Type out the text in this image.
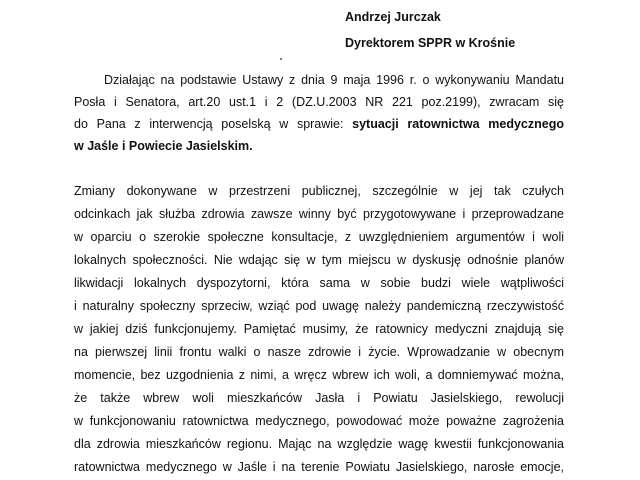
Andrzej Jurczak
Dyrektorem SPPR w Krośnie
Działając na podstawie Ustawy z dnia 9 maja 1996 r. o wykonywaniu Mandatu
Posła i Senatora, art.20 ust.1 i 2 (DZ.U.2003 NR 221 poz.2199), zwracam się
do Pana z interwencją poselską w sprawie: sytuacji ratownictwa medycznego
w Jaśle i Powiecie Jasielskim.
Zmiany dokonywane w przestrzeni publicznej, szczególnie w jej tak czułych
odcinkach jak służba zdrowia zawsze winny być przygotowywane i przeprowadzane
w oparciu o szerokie społeczne konsultacje, z uwzględnieniem argumentów i woli
lokalnych społeczności. Nie wdając się w tym miejscu w dyskusję odnośnie planów
likwidacji lokalnych dyspozytorni, która sama w sobie budzi wiele wątpliwości
i naturalny społeczny sprzeciw, wziąć pod uwagę należy pandemiczną rzeczywistość
w jakiej dziś funkcjonujemy. Pamiętać musimy, że ratownicy medyczni znajdują się
na pierwszej linii frontu walki o nasze zdrowie i życie. Wprowadzanie w obecnym
momencie, bez uzgodnienia z nimi, a wręcz wbrew ich woli, a domniemywać można,
że także wbrew woli mieszkańców Jasła i Powiatu Jasielskiego, rewolucji
w funkcjonowaniu ratownictwa medycznego, powodować może poważne zagrożenia
dla zdrowia mieszkańców regionu. Mając na względzie wagę kwestii funkcjonowania
ratownictwa medycznego w Jaśle i na terenie Powiatu Jasielskiego, narosłe emocje,
